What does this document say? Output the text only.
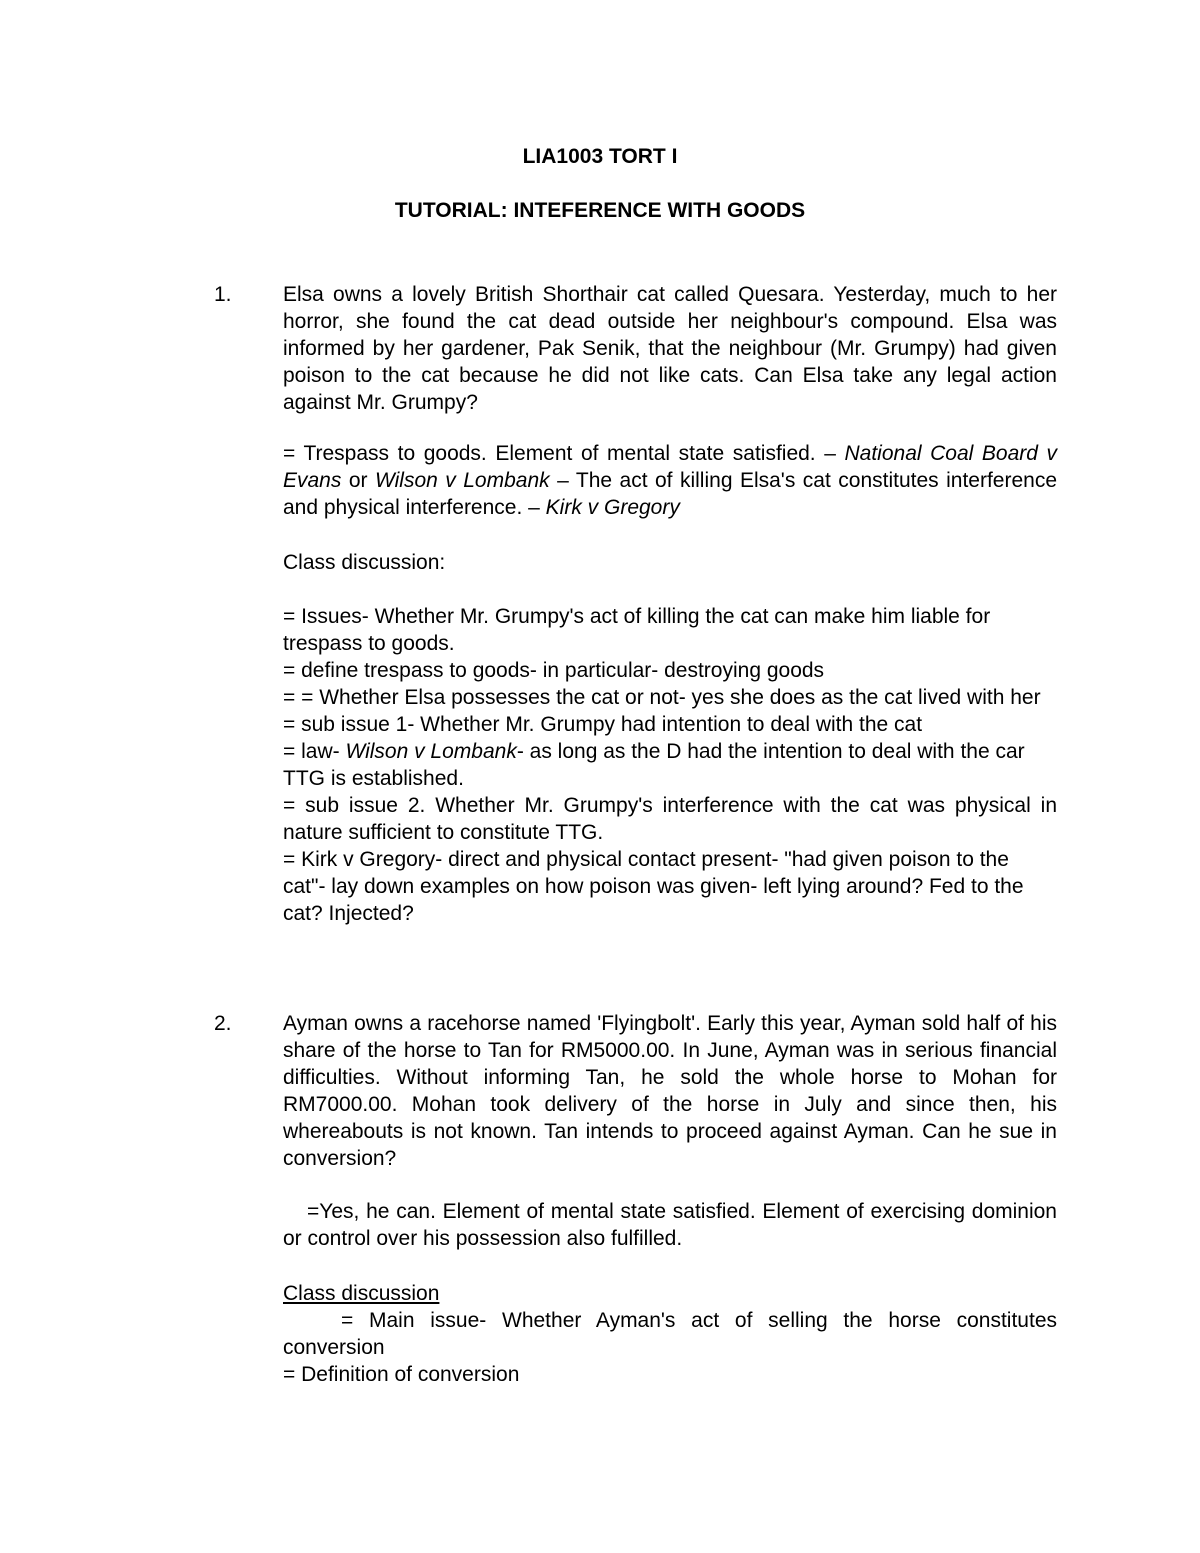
LIA1003 TORT I
TUTORIAL: INTEFERENCE WITH GOODS
1. Elsa owns a lovely British Shorthair cat called Quesara. Yesterday, much to her horror, she found the cat dead outside her neighbour's compound. Elsa was informed by her gardener, Pak Senik, that the neighbour (Mr. Grumpy) had given poison to the cat because he did not like cats. Can Elsa take any legal action against Mr. Grumpy?
= Trespass to goods. Element of mental state satisfied. – National Coal Board v Evans or Wilson v Lombank – The act of killing Elsa's cat constitutes interference and physical interference. – Kirk v Gregory
Class discussion:
= Issues- Whether Mr. Grumpy's act of killing the cat can make him liable for trespass to goods.
= define trespass to goods- in particular- destroying goods
= = Whether Elsa possesses the cat or not- yes she does as the cat lived with her
= sub issue 1- Whether Mr. Grumpy had intention to deal with the cat
= law- Wilson v Lombank- as long as the D had the intention to deal with the car TTG is established.
= sub issue 2. Whether Mr. Grumpy's interference with the cat was physical in nature sufficient to constitute TTG.
= Kirk v Gregory- direct and physical contact present- "had given poison to the cat"- lay down examples on how poison was given- left lying around? Fed to the cat? Injected?
2. Ayman owns a racehorse named 'Flyingbolt'. Early this year, Ayman sold half of his share of the horse to Tan for RM5000.00. In June, Ayman was in serious financial difficulties. Without informing Tan, he sold the whole horse to Mohan for RM7000.00. Mohan took delivery of the horse in July and since then, his whereabouts is not known. Tan intends to proceed against Ayman. Can he sue in conversion?
=Yes, he can. Element of mental state satisfied. Element of exercising dominion or control over his possession also fulfilled.
Class discussion
= Main issue- Whether Ayman's act of selling the horse constitutes conversion
= Definition of conversion
